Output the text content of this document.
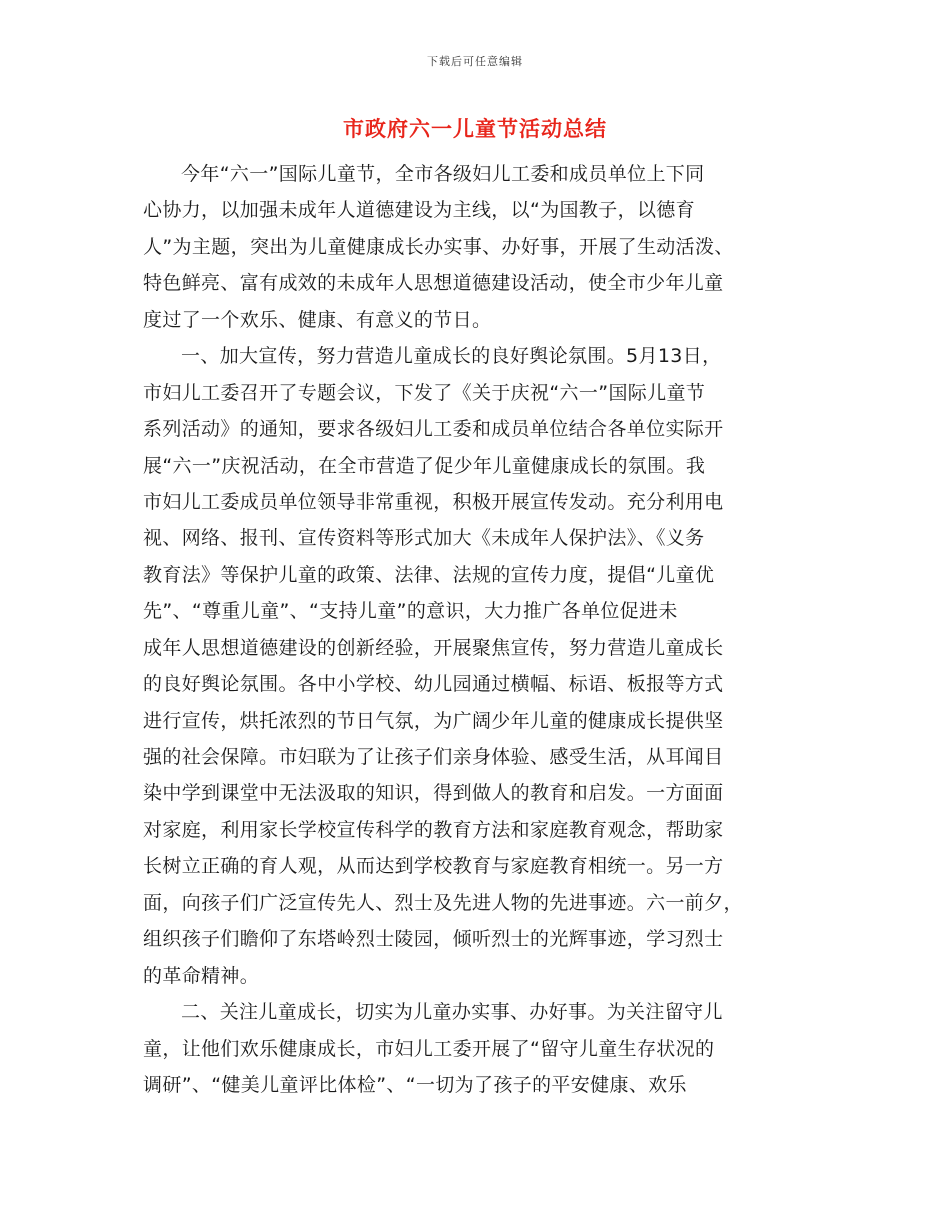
下载后可任意编辑
市政府六一儿童节活动总结
今年“六一”国际儿童节，全市各级妇儿工委和成员单位上下同
心协力，以加强未成年人道德建设为主线，以“为国教子，以德育
人”为主题，突出为儿童健康成长办实事、办好事，开展了生动活泼、
特色鲜亮、富有成效的未成年人思想道德建设活动，使全市少年儿童
度过了一个欢乐、健康、有意义的节日。
一、加大宣传，努力营造儿童成长的良好舆论氛围。5月13日，
市妇儿工委召开了专题会议，下发了《关于庆祝“六一”国际儿童节
系列活动》的通知，要求各级妇儿工委和成员单位结合各单位实际开
展“六一”庆祝活动，在全市营造了促少年儿童健康成长的氛围。我
市妇儿工委成员单位领导非常重视，积极开展宣传发动。充分利用电
视、网络、报刊、宣传资料等形式加大《未成年人保护法》、《义务
教育法》等保护儿童的政策、法律、法规的宣传力度，提倡“儿童优
先”、“尊重儿童”、“支持儿童”的意识，大力推广各单位促进未
成年人思想道德建设的创新经验，开展聚焦宣传，努力营造儿童成长
的良好舆论氛围。各中小学校、幼儿园通过横幅、标语、板报等方式
进行宣传，烘托浓烈的节日气氛，为广阔少年儿童的健康成长提供坚
强的社会保障。市妇联为了让孩子们亲身体验、感受生活，从耳闻目
染中学到课堂中无法汲取的知识，得到做人的教育和启发。一方面面
对家庭，利用家长学校宣传科学的教育方法和家庭教育观念，帮助家
长树立正确的育人观，从而达到学校教育与家庭教育相统一。另一方
面，向孩子们广泛宣传先人、烈士及先进人物的先进事迹。六一前夕，
组织孩子们瞻仰了东塔岭烈士陵园，倾听烈士的光辉事迹，学习烈士
的革命精神。
二、关注儿童成长，切实为儿童办实事、办好事。为关注留守儿
童，让他们欢乐健康成长，市妇儿工委开展了“留守儿童生存状况的
调研”、“健美儿童评比体检”、“一切为了孩子的平安健康、欢乐
